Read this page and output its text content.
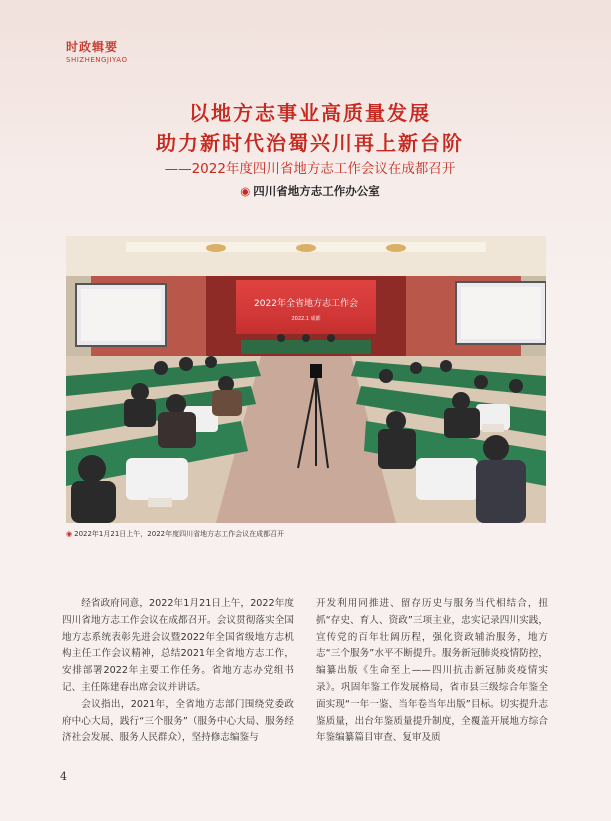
时政辑要
SHIZHENGJIYAO
以地方志事业高质量发展
助力新时代治蜀兴川再上新台阶
——2022年度四川省地方志工作会议在成都召开
◉ 四川省地方志工作办公室
2022年全省地方志工作会
2022.1 成都
◉ 2022年1月21日上午，2022年度四川省地方志工作会议在成都召开

经省政府同意，2022年1月21日上午，2022年度四川省地方志工作会议在成都召开。会议贯彻落实全国地方志系统表彰先进会议暨2022年全国省级地方志机构主任工作会议精神，总结2021年全省地方志工作，安排部署2022年主要工作任务。省地方志办党组书记、主任陈建春出席会议并讲话。

会议指出，2021年，全省地方志部门围绕党委政府中心大局，践行“三个服务”（服务中心大局、服务经济社会发展、服务人民群众），坚持修志编鉴与

开发利用同推进、留存历史与服务当代相结合，扭抓“存史、育人、资政”三项主业，忠实记录四川实践，宣传党的百年壮阔历程，强化资政辅治服务，地方志“三个服务”水平不断提升。服务新冠肺炎疫情防控，编纂出版《生命至上——四川抗击新冠肺炎疫情实录》。巩固年鉴工作发展格局，省市县三级综合年鉴全面实现“一年一鉴、当年卷当年出版”目标。切实提升志鉴质量，出台年鉴质量提升制度，全覆盖开展地方综合年鉴编纂篇目审查、复审及质

4
